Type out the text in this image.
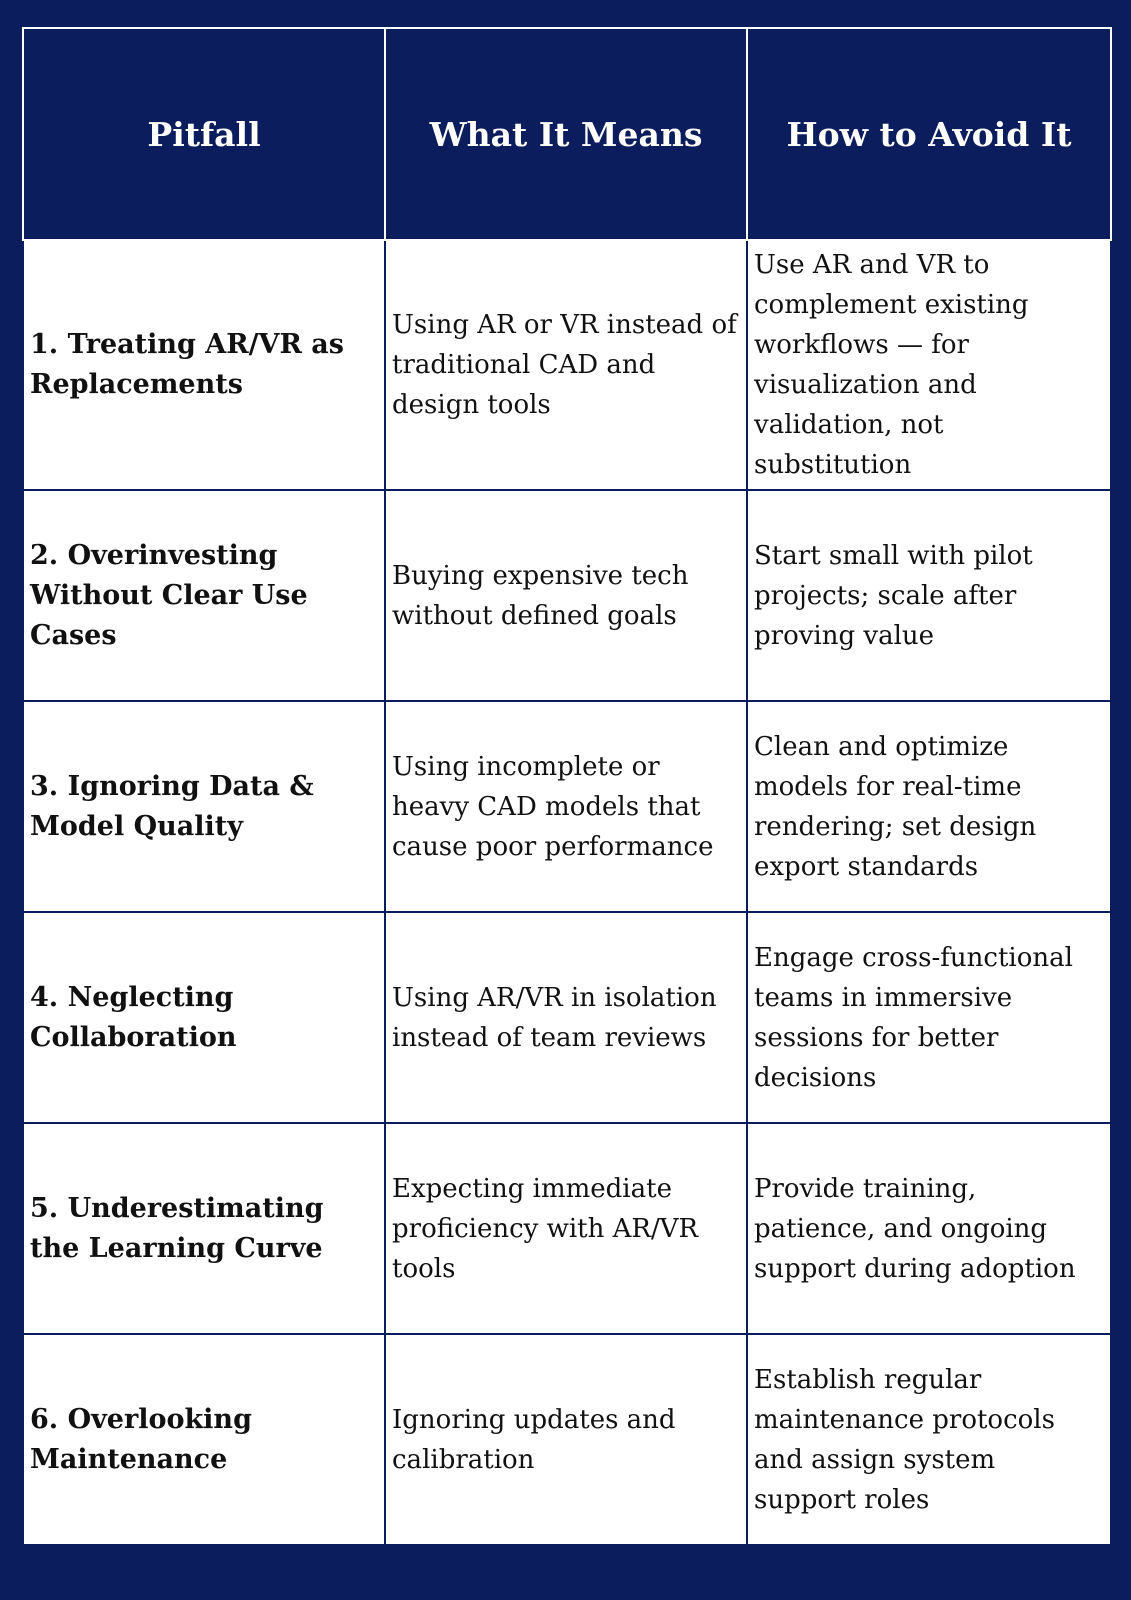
Pitfall	What It Means	How to Avoid It
1. Treating AR/VR as Replacements	Using AR or VR instead of traditional CAD and design tools	Use AR and VR to complement existing workflows — for visualization and validation, not substitution
2. Overinvesting Without Clear Use Cases	Buying expensive tech without defined goals	Start small with pilot projects; scale after proving value
3. Ignoring Data & Model Quality	Using incomplete or heavy CAD models that cause poor performance	Clean and optimize models for real-time rendering; set design export standards
4. Neglecting Collaboration	Using AR/VR in isolation instead of team reviews	Engage cross-functional teams in immersive sessions for better decisions
5. Underestimating the Learning Curve	Expecting immediate proficiency with AR/VR tools	Provide training, patience, and ongoing support during adoption
6. Overlooking Maintenance	Ignoring updates and calibration	Establish regular maintenance protocols and assign system support roles
